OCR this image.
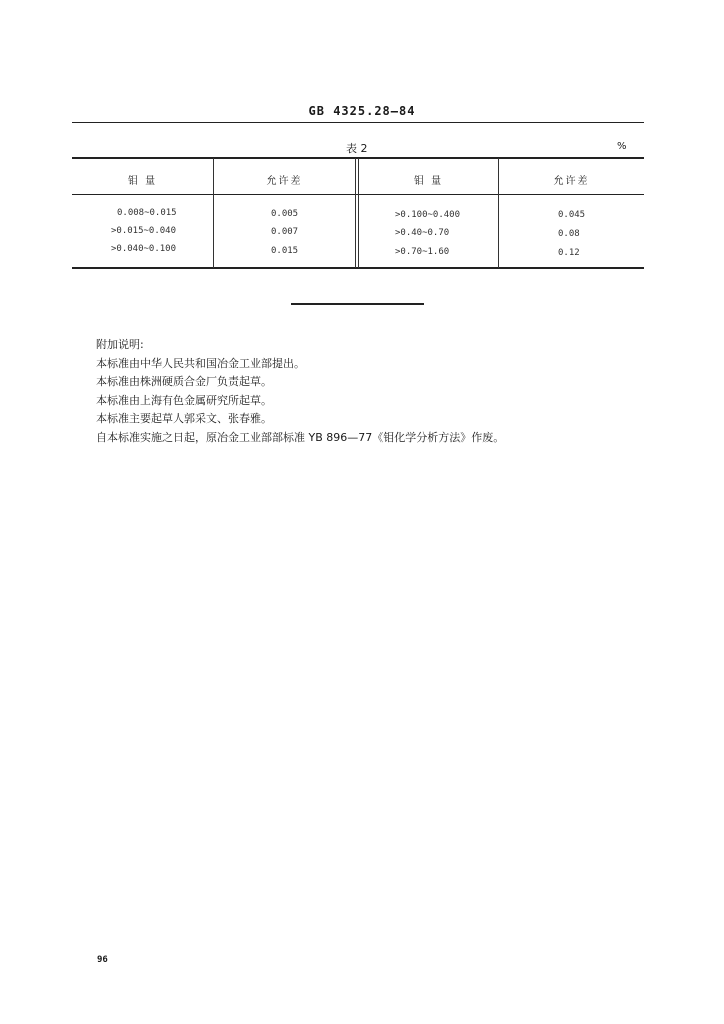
GB 4325.28—84
表 2	%
钼 量	允许差	钼 量	允许差
0.008~0.015	0.005	>0.100~0.400	0.045
>0.015~0.040	0.007	>0.40~0.70	0.08
>0.040~0.100	0.015	>0.70~1.60	0.12
附加说明:
本标准由中华人民共和国冶金工业部提出。
本标准由株洲硬质合金厂负责起草。
本标准由上海有色金属研究所起草。
本标准主要起草人郭采文、张春雅。
自本标准实施之日起，原冶金工业部部标准 YB 896—77《钼化学分析方法》作废。
96
